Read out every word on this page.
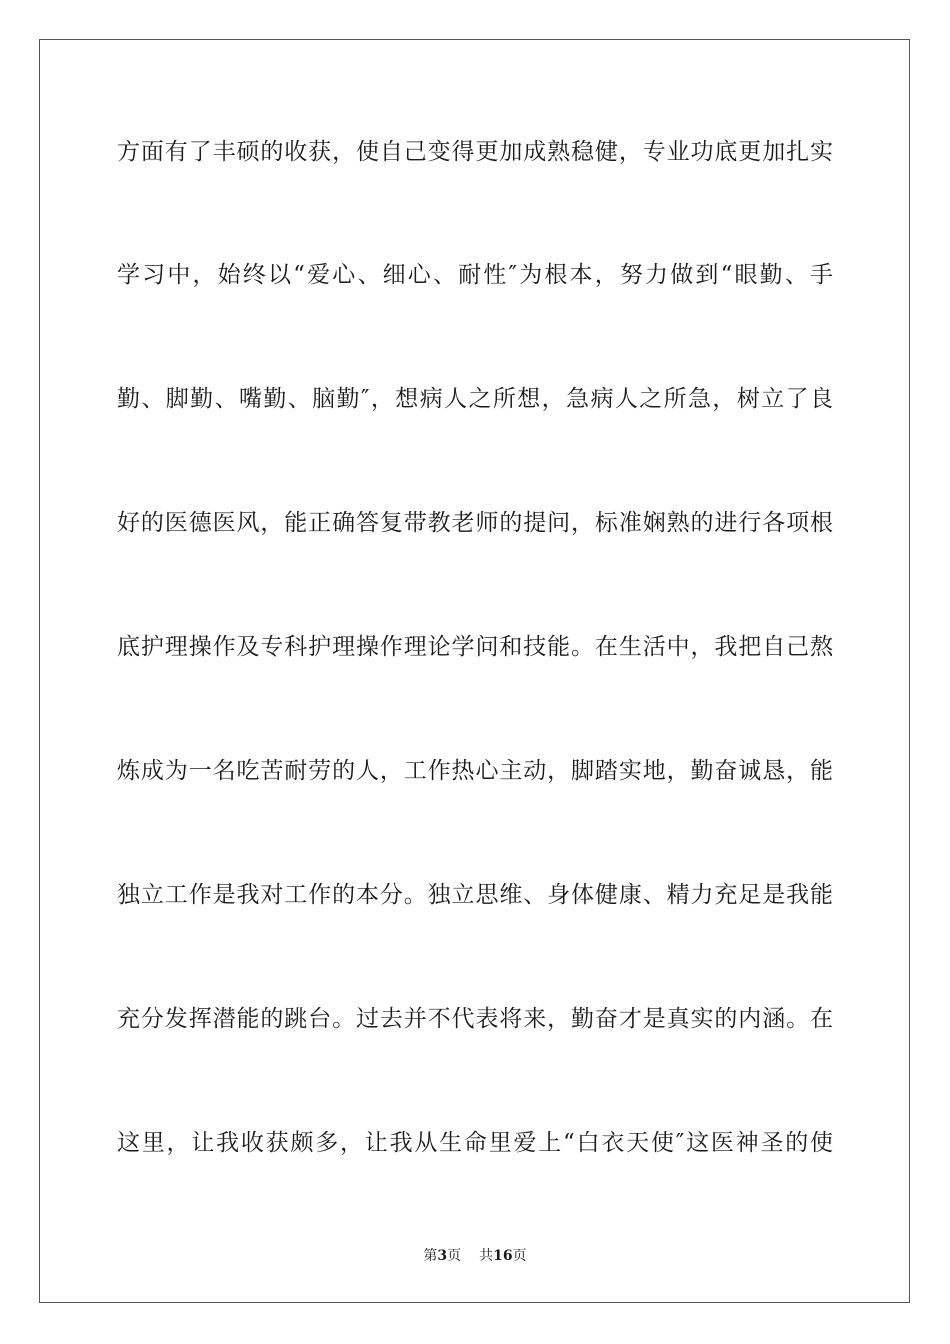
方面有了丰硕的收获，使自己变得更加成熟稳健，专业功底更加扎实

学习中，始终以“爱心、细心、耐性″为根本，努力做到“眼勤、手

勤、脚勤、嘴勤、脑勤″，想病人之所想，急病人之所急，树立了良

好的医德医风，能正确答复带教老师的提问，标准娴熟的进行各项根

底护理操作及专科护理操作理论学问和技能。在生活中，我把自己熬

炼成为一名吃苦耐劳的人，工作热心主动，脚踏实地，勤奋诚恳，能

独立工作是我对工作的本分。独立思维、身体健康、精力充足是我能

充分发挥潜能的跳台。过去并不代表将来，勤奋才是真实的内涵。在

这里，让我收获颇多，让我从生命里爱上“白衣天使″这医神圣的使

第3页 共16页
